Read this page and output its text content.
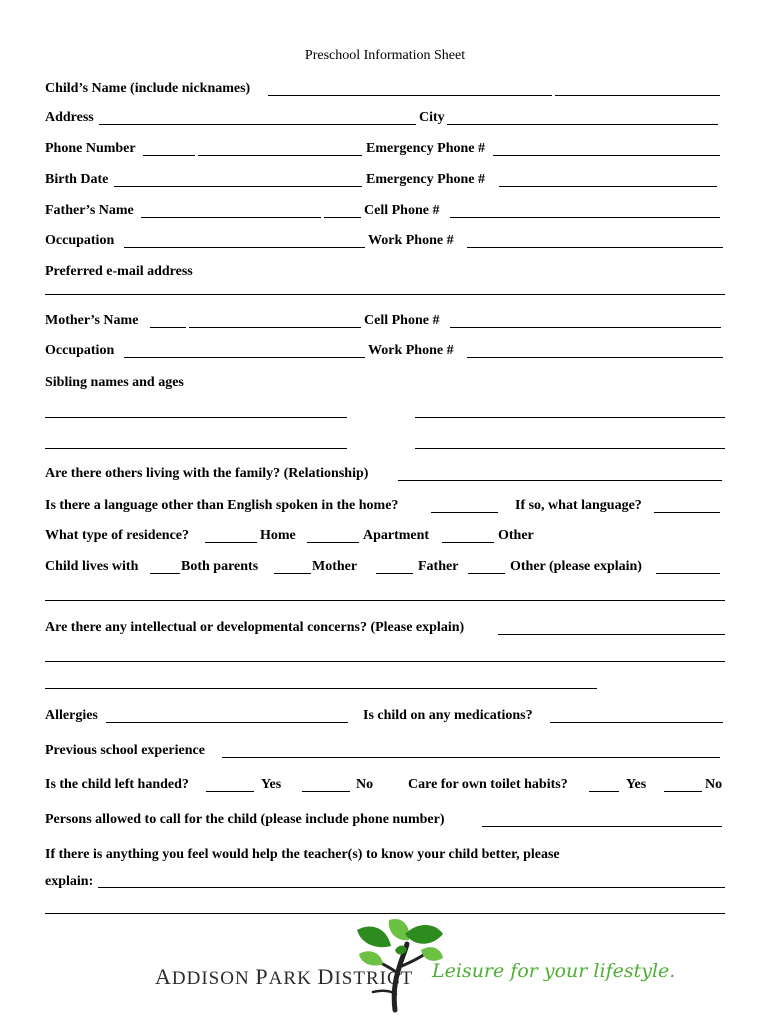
Preschool Information Sheet
Child’s Name (include nicknames)
Address	City
Phone Number	Emergency Phone #
Birth Date	Emergency Phone #
Father’s Name	Cell Phone #
Occupation	Work Phone #
Preferred e-mail address
Mother’s Name	Cell Phone #
Occupation	Work Phone #
Sibling names and ages
Are there others living with the family? (Relationship)
Is there a language other than English spoken in the home?	If so, what language?
What type of residence?	Home	Apartment	Other
Child lives with	Both parents	Mother	Father	Other (please explain)
Are there any intellectual or developmental concerns? (Please explain)
Allergies	Is child on any medications?
Previous school experience
Is the child left handed?	Yes	No Care for own toilet habits?	Yes	No
Persons allowed to call for the child (please include phone number)
If there is anything you feel would help the teacher(s) to know your child better, please
explain:
ADDISON PARK DISTRICT Leisure for your lifestyle.
